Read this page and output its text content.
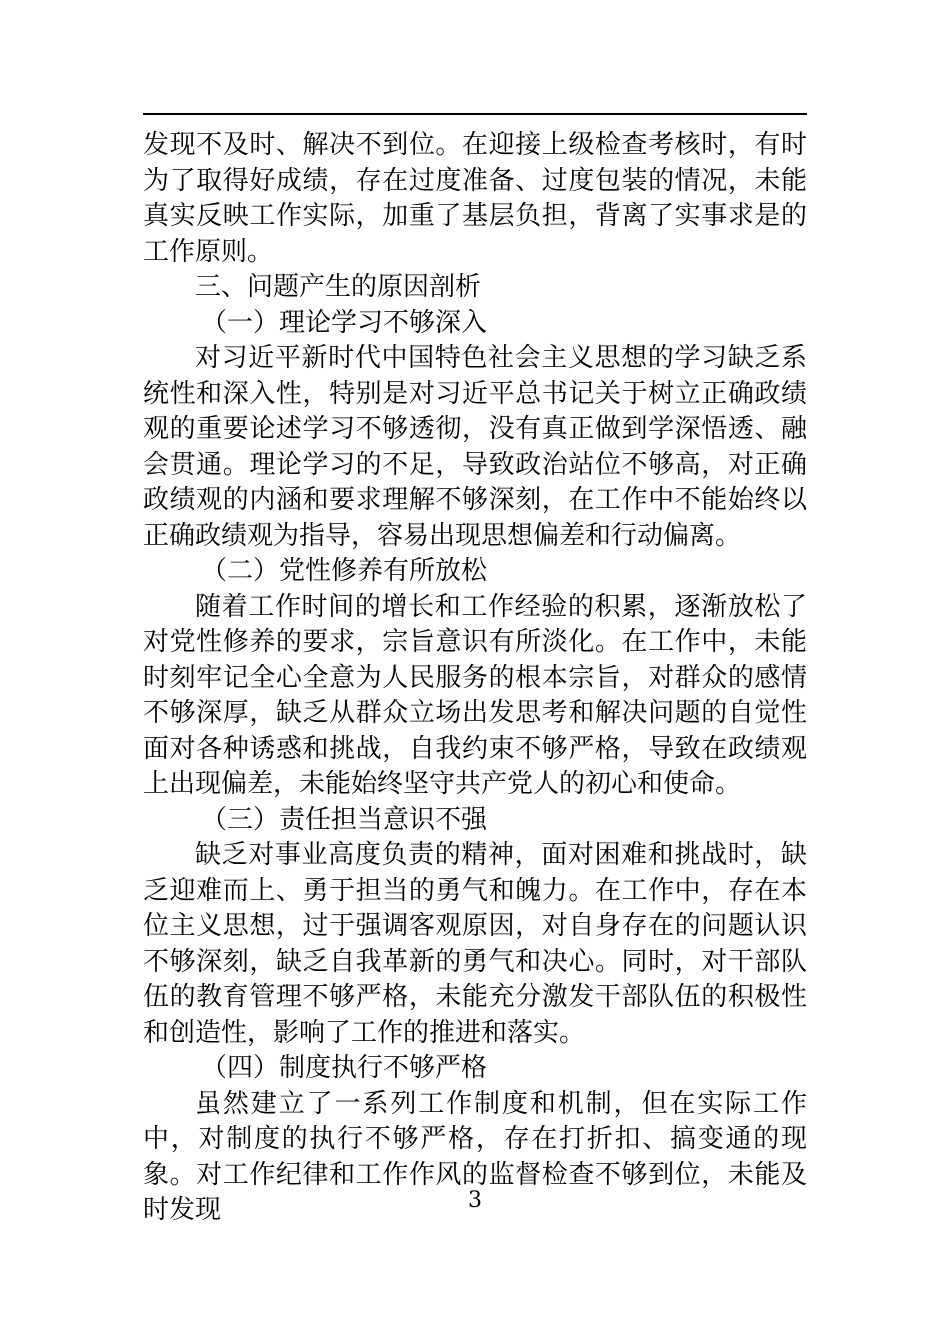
发现不及时、解决不到位。在迎接上级检查考核时，有时为了取得好成绩，存在过度准备、过度包装的情况，未能真实反映工作实际，加重了基层负担，背离了实事求是的工作原则。

三、问题产生的原因剖析

（一）理论学习不够深入

对习近平新时代中国特色社会主义思想的学习缺乏系统性和深入性，特别是对习近平总书记关于树立正确政绩观的重要论述学习不够透彻，没有真正做到学深悟透、融会贯通。理论学习的不足，导致政治站位不够高，对正确政绩观的内涵和要求理解不够深刻，在工作中不能始终以正确政绩观为指导，容易出现思想偏差和行动偏离。

（二）党性修养有所放松

随着工作时间的增长和工作经验的积累，逐渐放松了对党性修养的要求，宗旨意识有所淡化。在工作中，未能时刻牢记全心全意为人民服务的根本宗旨，对群众的感情不够深厚，缺乏从群众立场出发思考和解决问题的自觉性面对各种诱惑和挑战，自我约束不够严格，导致在政绩观上出现偏差，未能始终坚守共产党人的初心和使命。

（三）责任担当意识不强

缺乏对事业高度负责的精神，面对困难和挑战时，缺乏迎难而上、勇于担当的勇气和魄力。在工作中，存在本位主义思想，过于强调客观原因，对自身存在的问题认识不够深刻，缺乏自我革新的勇气和决心。同时，对干部队伍的教育管理不够严格，未能充分激发干部队伍的积极性和创造性，影响了工作的推进和落实。

（四）制度执行不够严格

虽然建立了一系列工作制度和机制，但在实际工作中，对制度的执行不够严格，存在打折扣、搞变通的现象。对工作纪律和工作作风的监督检查不够到位，未能及时发现	3
